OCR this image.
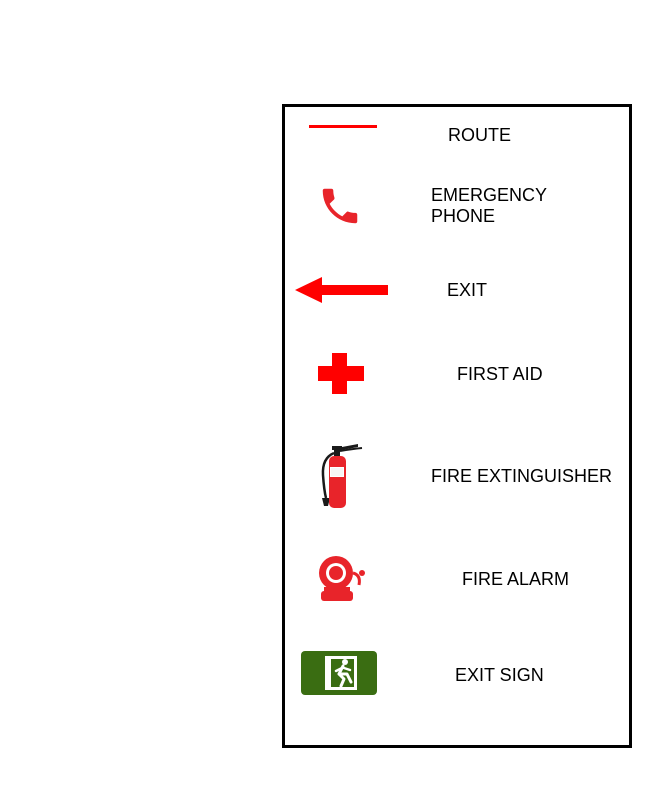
ROUTE
EMERGENCY
PHONE
EXIT
FIRST AID
FIRE EXTINGUISHER
FIRE ALARM
EXIT SIGN
